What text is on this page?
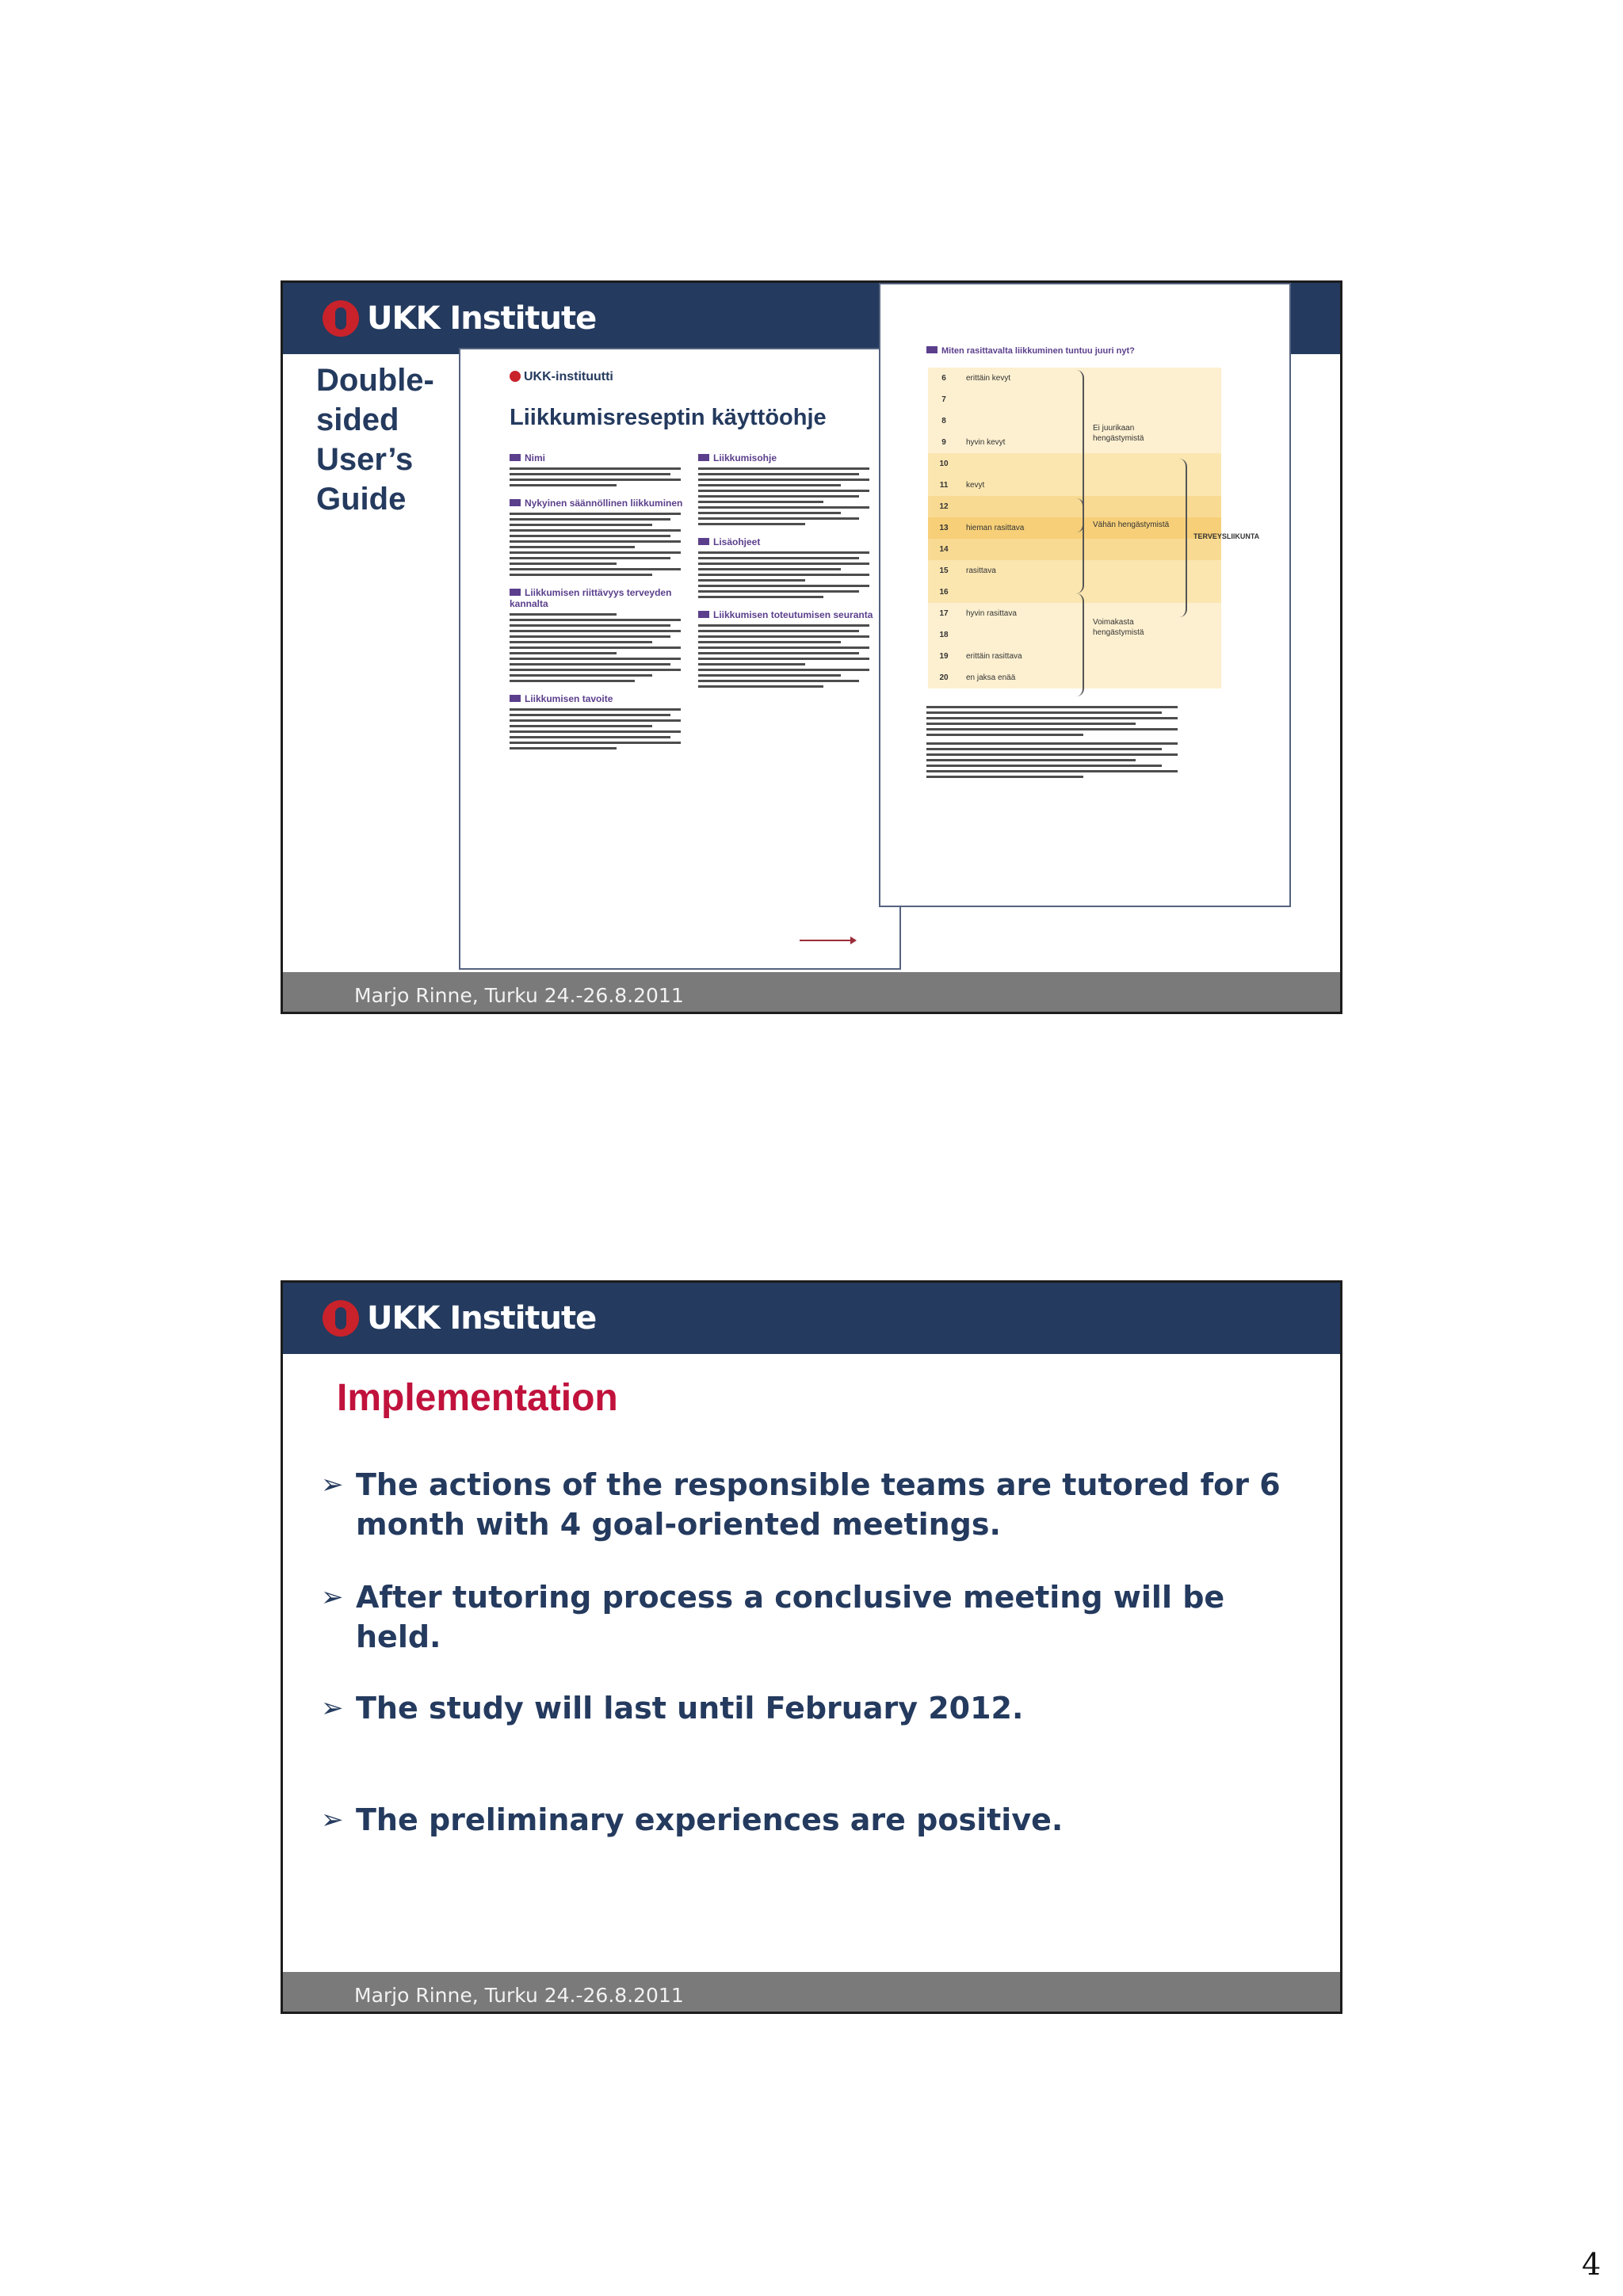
UKK Institute
Double-sided User’s Guide
UKK-instituutti
Liikkumisreseptin käyttöohje
Nimi
Nykyinen säännöllinen liikkuminen
Liikkumisen riittävyys terveyden kannalta
Liikkumisen tavoite
Liikkumisohje
Lisäohjeet
Liikkumisen toteutumisen seuranta
Miten rasittavalta liikkuminen tuntuu juuri nyt?
6	erittäin kevyt
7
8
9	hyvin kevyt
10
11	kevyt
12
13	hieman rasittava
14
15	rasittava
16
17	hyvin rasittava
18
19	erittäin rasittava
20	en jaksa enää
Ei juurikaan hengästymistä
Vähän hengästymistä
Voimakasta hengästymistä
TERVEYSLIIKUNTA
Marjo Rinne, Turku 24.-26.8.2011
UKK Institute
Implementation
➢ The actions of the responsible teams are tutored for 6 month with 4 goal-oriented meetings.
➢ After tutoring process a conclusive meeting will be held.
➢ The study will last until February 2012.
➢ The preliminary experiences are positive.
Marjo Rinne, Turku 24.-26.8.2011
4
